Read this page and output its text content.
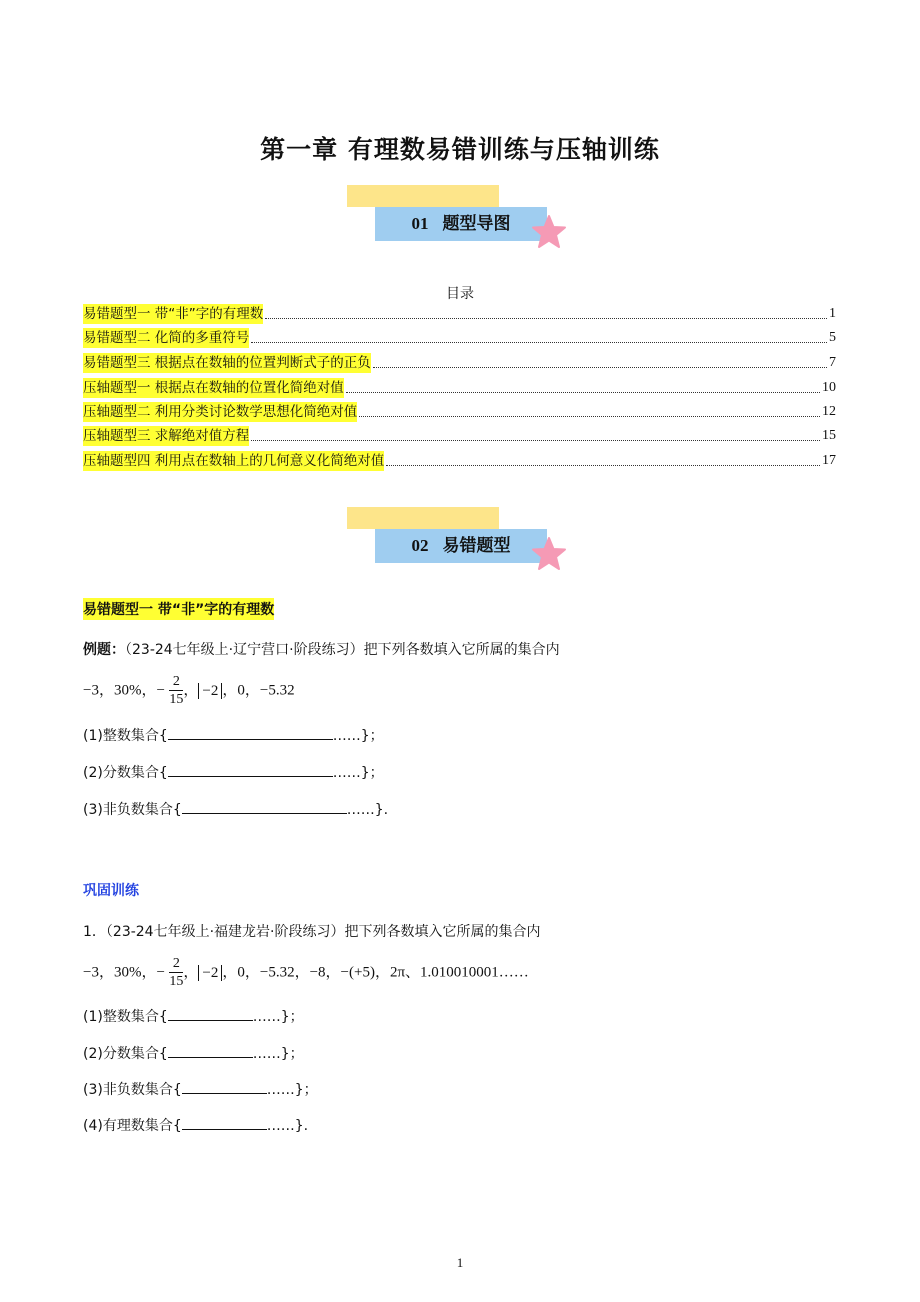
第一章 有理数易错训练与压轴训练
01 题型导图
目录
易错题型一 带“非”字的有理数	1
易错题型二 化简的多重符号	5
易错题型三 根据点在数轴的位置判断式子的正负	7
压轴题型一 根据点在数轴的位置化简绝对值	10
压轴题型二 利用分类讨论数学思想化简绝对值	12
压轴题型三 求解绝对值方程	15
压轴题型四 利用点在数轴上的几何意义化简绝对值	17
02 易错题型
易错题型一 带“非”字的有理数
例题：（23-24七年级上·辽宁营口·阶段练习）把下列各数填入它所属的集合内
−3，30%，− $\frac{2}{15}$ ， −2 ，0，−5.32
(1)整数集合{	……}；
(2)分数集合{	……}；
(3)非负数集合{	……}.
巩固训练
1．（23-24七年级上·福建龙岩·阶段练习）把下列各数填入它所属的集合内
−3，30%，− $\frac{2}{15}$ ， −2 ，0，−5.32，−8，−(+5)，2π、1.010010001……
(1)整数集合{	……}；
(2)分数集合{	……}；
(3)非负数集合{	……}；
(4)有理数集合{	……}.
1
